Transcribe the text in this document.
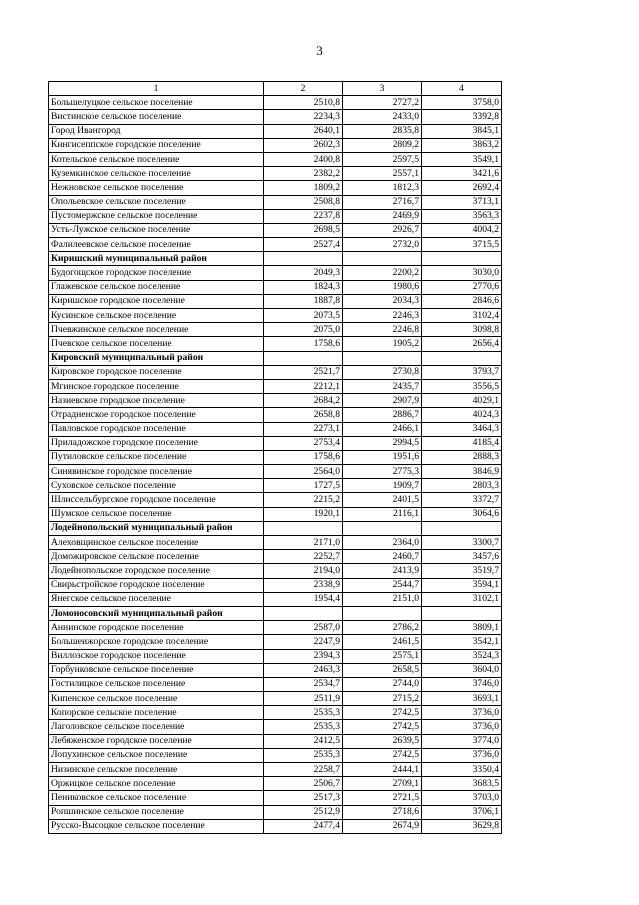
3
1	2	3	4
Большелуцкое сельское поселение	2510,8	2727,2	3758,0
Вистинское сельское поселение	2234,3	2433,0	3392,8
Город Ивангород	2640,1	2835,8	3845,1
Кингисеппское городское поселение	2602,3	2809,2	3863,2
Котельское сельское поселение	2400,8	2597,5	3549,1
Куземкинское сельское поселение	2382,2	2557,1	3421,6
Нежновское сельское поселение	1809,2	1812,3	2692,4
Опольевское сельское поселение	2508,8	2716,7	3713,1
Пустомержское сельское поселение	2237,8	2469,9	3563,3
Усть-Лужское сельское поселение	2698,5	2926,7	4004,2
Фалилеевское сельское поселение	2527,4	2732,0	3715,5
Киришский муниципальный район			
Будогощское городское поселение	2049,3	2200,2	3030,0
Глажевское сельское поселение	1824,3	1980,6	2770,6
Киришское городское поселение	1887,8	2034,3	2846,6
Кусинское сельское поселение	2073,5	2246,3	3102,4
Пчевжинское сельское поселение	2075,0	2246,8	3098,8
Пчевское сельское поселение	1758,6	1905,2	2656,4
Кировский муниципальный район			
Кировское городское поселение	2521,7	2730,8	3793,7
Мгинское городское поселение	2212,1	2435,7	3556,5
Назиевское городское поселение	2684,2	2907,9	4029,1
Отрадненское городское поселение	2658,8	2886,7	4024,3
Павловское городское поселение	2273,1	2466,1	3464,3
Приладожское городское поселение	2753,4	2994,5	4185,4
Путиловское сельское поселение	1758,6	1951,6	2888,3
Синявинское городское поселение	2564,0	2775,3	3846,9
Суховское сельское поселение	1727,5	1909,7	2803,3
Шлиссельбургское городское поселение	2215,2	2401,5	3372,7
Шумское сельское поселение	1920,1	2116,1	3064,6
Лодейнопольский муниципальный район			
Алеховщинское сельское поселение	2171,0	2364,0	3300,7
Доможировское сельское поселение	2252,7	2460,7	3457,6
Лодейнопольское городское поселение	2194,0	2413,9	3519,7
Свирьстройское городское поселение	2338,9	2544,7	3594,1
Янегское сельское поселение	1954,4	2151,0	3102,1
Ломоносовский муниципальный район			
Аннинское городское поселение	2587,0	2786,2	3809,1
Большеижорское городское поселение	2247,9	2461,5	3542,1
Виллозское городское поселение	2394,3	2575,1	3524,3
Горбунковское сельское поселение	2463,3	2658,5	3604,0
Гостилицкое сельское поселение	2534,7	2744,0	3746,0
Кипенское сельское поселение	2511,9	2715,2	3693,1
Копорское сельское поселение	2535,3	2742,5	3736,0
Лаголовское сельское поселение	2535,3	2742,5	3736,0
Лебяженское городское поселение	2412,5	2639,5	3774,0
Лопухинское сельское поселение	2535,3	2742,5	3736,0
Низинское сельское поселение	2258,7	2444,1	3350,4
Оржицкое сельское поселение	2506,7	2709,1	3683,5
Пениковское сельское поселение	2517,3	2721,5	3703,0
Ропшинское сельское поселение	2512,9	2718,6	3706,1
Русско-Высоцкое сельское поселение	2477,4	2674,9	3629,8
